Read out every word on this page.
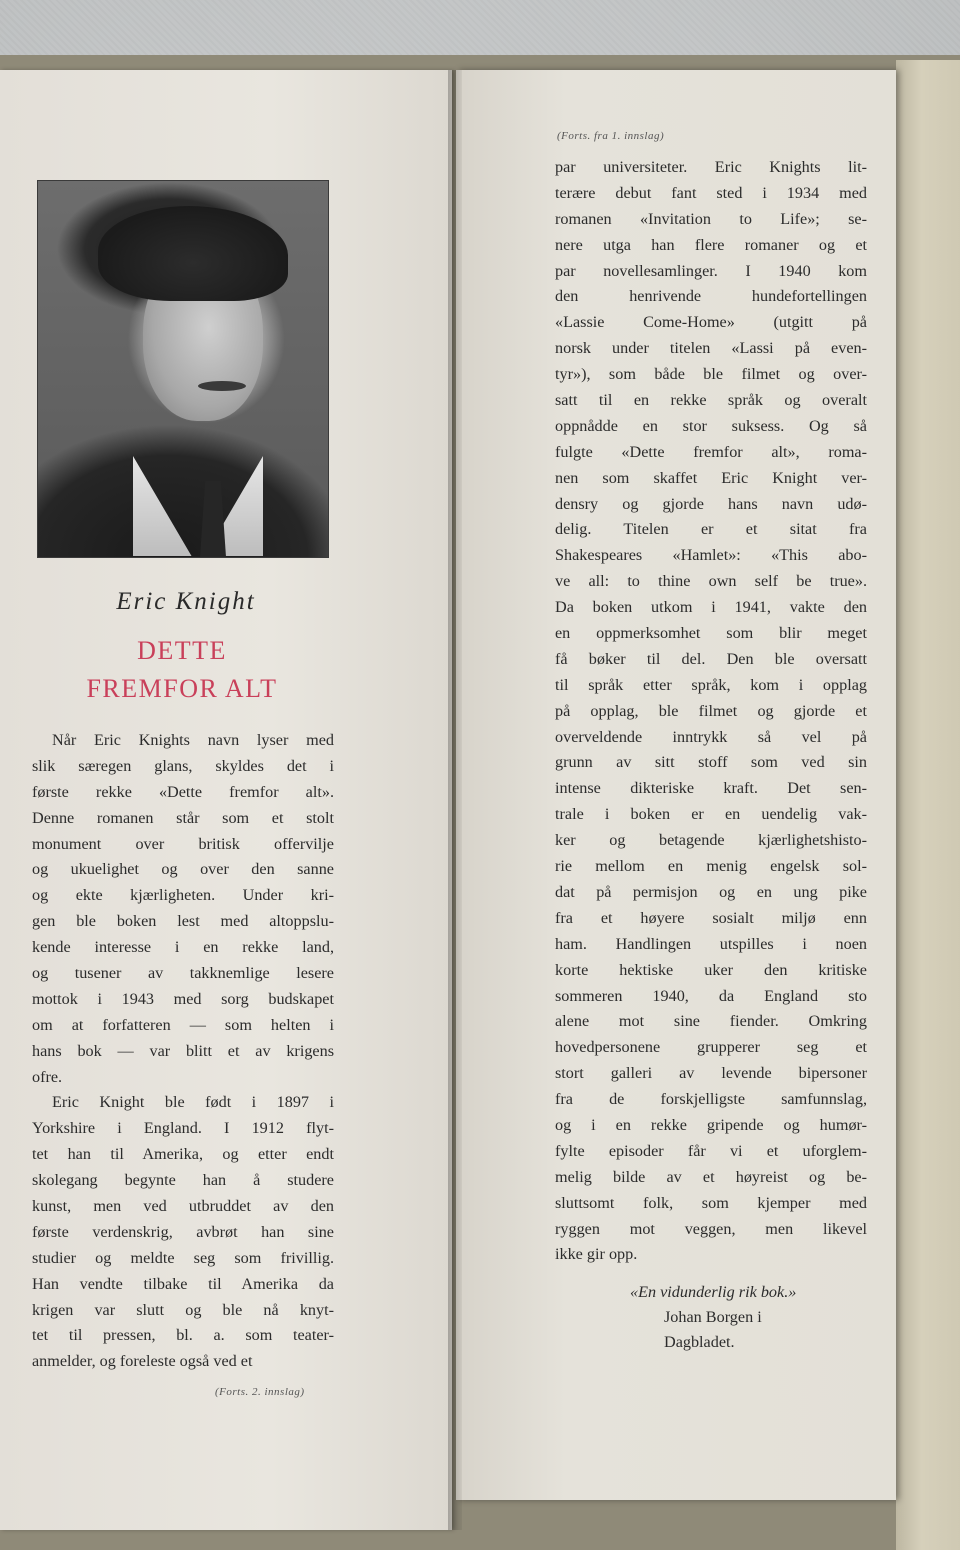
Eric Knight
DETTE
FREMFOR ALT
Når Eric Knights navn lyser med
slik særegen glans, skyldes det i
første rekke «Dette fremfor alt».
Denne romanen står som et stolt
monument over britisk offervilje
og ukuelighet og over den sanne
og ekte kjærligheten. Under kri-
gen ble boken lest med altoppslu-
kende interesse i en rekke land,
og tusener av takknemlige lesere
mottok i 1943 med sorg budskapet
om at forfatteren — som helten i
hans bok — var blitt et av krigens
ofre.
Eric Knight ble født i 1897 i
Yorkshire i England. I 1912 flyt-
tet han til Amerika, og etter endt
skolegang begynte han å studere
kunst, men ved utbruddet av den
første verdenskrig, avbrøt han sine
studier og meldte seg som frivillig.
Han vendte tilbake til Amerika da
krigen var slutt og ble nå knyt-
tet til pressen, bl. a. som teater-
anmelder, og foreleste også ved et
(Forts. 2. innslag)
(Forts. fra 1. innslag)
par universiteter. Eric Knights lit-
terære debut fant sted i 1934 med
romanen «Invitation to Life»; se-
nere utga han flere romaner og et
par novellesamlinger. I 1940 kom
den henrivende hundefortellingen
«Lassie Come-Home» (utgitt på
norsk under titelen «Lassi på even-
tyr»), som både ble filmet og over-
satt til en rekke språk og overalt
oppnådde en stor suksess. Og så
fulgte «Dette fremfor alt», roma-
nen som skaffet Eric Knight ver-
densry og gjorde hans navn udø-
delig. Titelen er et sitat fra
Shakespeares «Hamlet»: «This abo-
ve all: to thine own self be true».
Da boken utkom i 1941, vakte den
en oppmerksomhet som blir meget
få bøker til del. Den ble oversatt
til språk etter språk, kom i opplag
på opplag, ble filmet og gjorde et
overveldende inntrykk så vel på
grunn av sitt stoff som ved sin
intense dikteriske kraft. Det sen-
trale i boken er en uendelig vak-
ker og betagende kjærlighetshisto-
rie mellom en menig engelsk sol-
dat på permisjon og en ung pike
fra et høyere sosialt miljø enn
ham. Handlingen utspilles i noen
korte hektiske uker den kritiske
sommeren 1940, da England sto
alene mot sine fiender. Omkring
hovedpersonene grupperer seg et
stort galleri av levende bipersoner
fra de forskjelligste samfunnslag,
og i en rekke gripende og humør-
fylte episoder får vi et uforglem-
melig bilde av et høyreist og be-
sluttsomt folk, som kjemper med
ryggen mot veggen, men likevel
ikke gir opp.
«En vidunderlig rik bok.»
Johan Borgen i
Dagbladet.
